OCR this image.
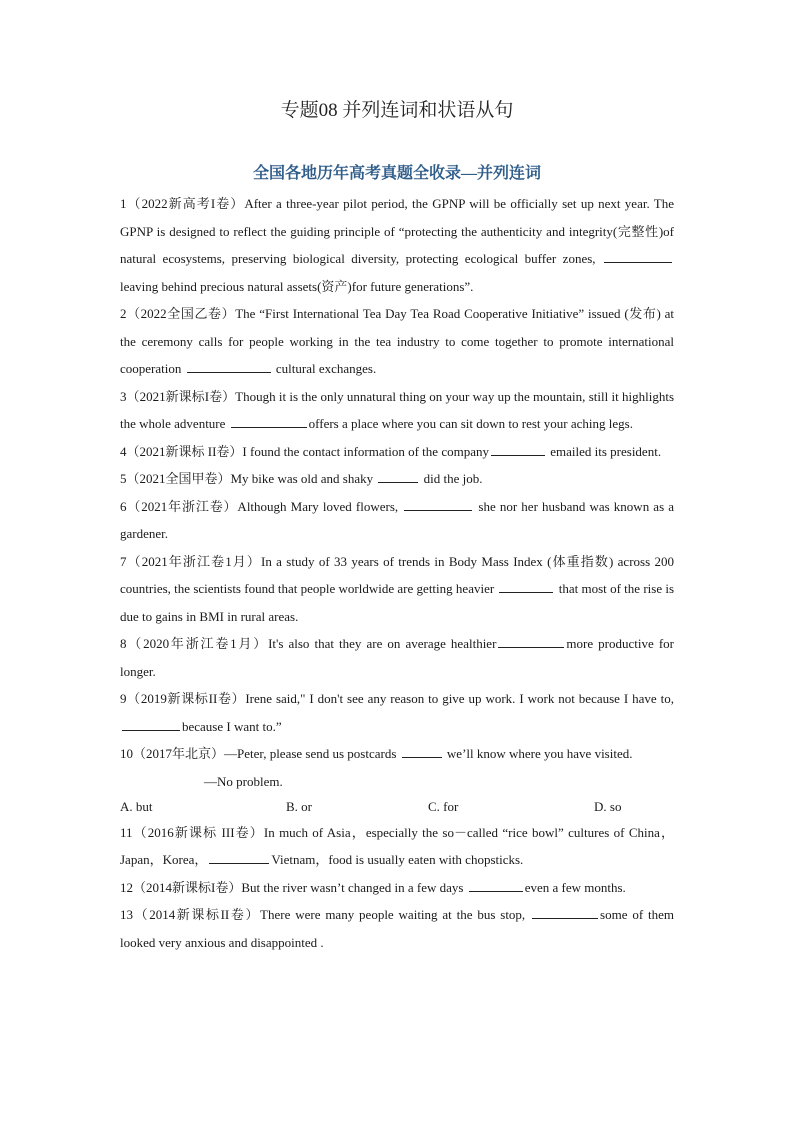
专题08 并列连词和状语从句
全国各地历年高考真题全收录—并列连词

1（2022新高考I卷）After a three-year pilot period, the GPNP will be officially set up next year. The GPNP is designed to reflect the guiding principle of “protecting the authenticity and integrity(完整性)of natural ecosystems, preserving biological diversity, protecting ecological buffer zones,  leaving behind precious natural assets(资产)for future generations”.

2（2022全国乙卷）The “First International Tea Day Tea Road Cooperative Initiative” issued (发布) at the ceremony calls for people working in the tea industry to come together to promote international cooperation	cultural exchanges.

3（2021新课标I卷）Though it is the only unnatural thing on your way up the mountain, still it highlights the whole adventure	offers a place where you can sit down to rest your aching legs.

4（2021新课标 II卷）I found the contact information of the company	emailed its president.

5（2021全国甲卷）My bike was old and shaky	did the job.

6（2021年浙江卷）Although Mary loved flowers,	she nor her husband was known as a gardener.

7（2021年浙江卷1月）In a study of 33 years of trends in Body Mass Index (体重指数) across 200 countries, the scientists found that people worldwide are getting heavier	that most of the rise is due to gains in BMI in rural areas.

8（2020年浙江卷1月）It's also that they are on average healthier	more productive for longer.

9（2019新课标II卷）Irene said," I don't see any reason to give up work. I work not because I have to, because I want to.”

10（2017年北京）—Peter, please send us postcards	we’ll know where you have visited.

—No problem.

A. but	B. or	C. for	D. so

11（2016新课标 III卷）In much of Asia，especially the so－called “rice bowl” cultures of China，Japan，Korea，	Vietnam，food is usually eaten with chopsticks.

12（2014新课标I卷）But the river wasn’t changed in a few days	even a few months.

13（2014新课标II卷）There were many people waiting at the bus stop,	some of them looked very anxious and disappointed .
